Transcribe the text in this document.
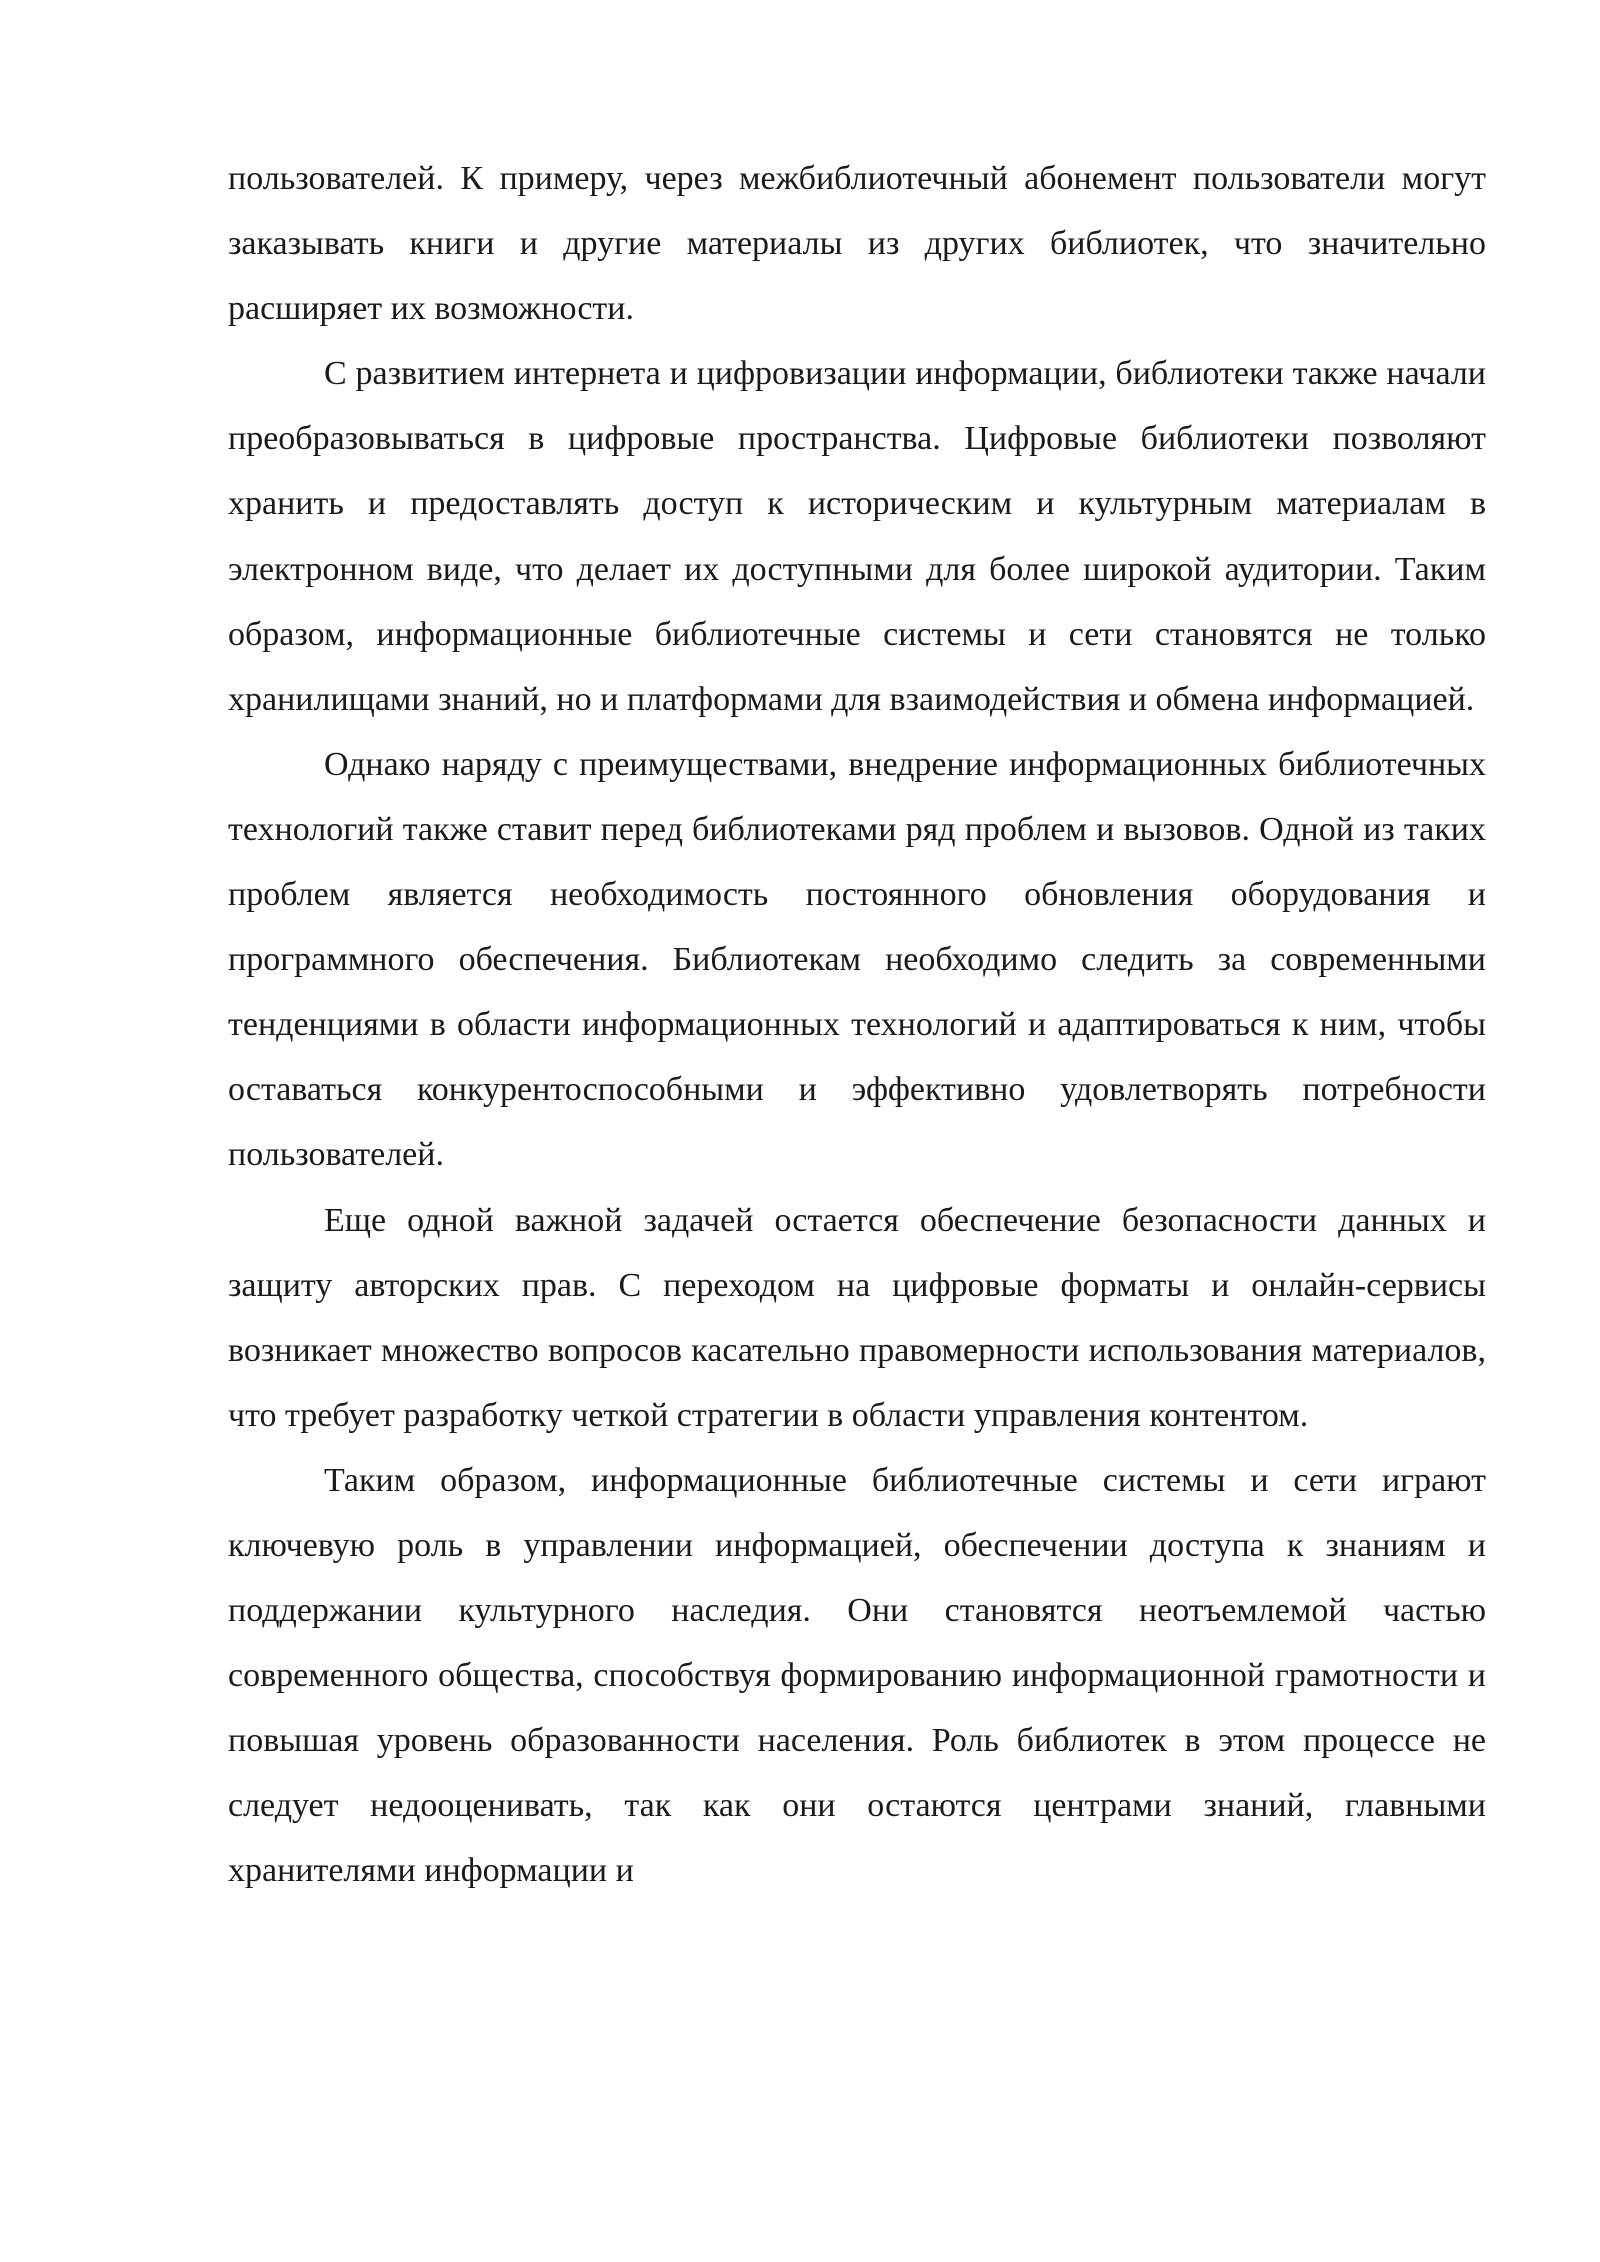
пользователей. К примеру, через межбиблиотечный абонемент пользователи могут заказывать книги и другие материалы из других библиотек, что значительно расширяет их возможности.

С развитием интернета и цифровизации информации, библиотеки также начали преобразовываться в цифровые пространства. Цифровые библиотеки позволяют хранить и предоставлять доступ к историческим и культурным материалам в электронном виде, что делает их доступными для более широкой аудитории. Таким образом, информационные библиотечные системы и сети становятся не только хранилищами знаний, но и платформами для взаимодействия и обмена информацией.

Однако наряду с преимуществами, внедрение информационных библиотечных технологий также ставит перед библиотеками ряд проблем и вызовов. Одной из таких проблем является необходимость постоянного обновления оборудования и программного обеспечения. Библиотекам необходимо следить за современными тенденциями в области информационных технологий и адаптироваться к ним, чтобы оставаться конкурентоспособными и эффективно удовлетворять потребности пользователей.

Еще одной важной задачей остается обеспечение безопасности данных и защиту авторских прав. С переходом на цифровые форматы и онлайн-сервисы возникает множество вопросов касательно правомерности использования материалов, что требует разработку четкой стратегии в области управления контентом.

Таким образом, информационные библиотечные системы и сети играют ключевую роль в управлении информацией, обеспечении доступа к знаниям и поддержании культурного наследия. Они становятся неотъемлемой частью современного общества, способствуя формированию информационной грамотности и повышая уровень образованности населения. Роль библиотек в этом процессе не следует недооценивать, так как они остаются центрами знаний, главными хранителями информации и
